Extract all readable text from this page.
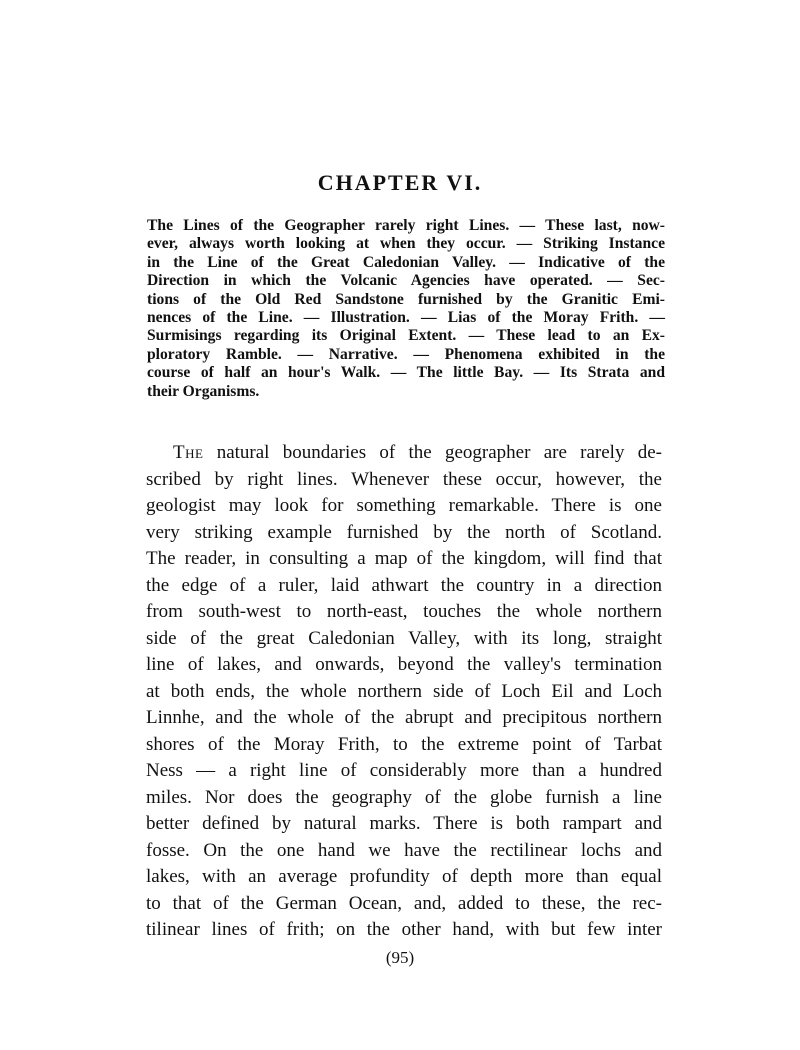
CHAPTER VI.
The Lines of the Geographer rarely right Lines. — These last, now-
ever, always worth looking at when they occur. — Striking Instance
in the Line of the Great Caledonian Valley. — Indicative of the
Direction in which the Volcanic Agencies have operated. — Sec-
tions of the Old Red Sandstone furnished by the Granitic Emi-
nences of the Line. — Illustration. — Lias of the Moray Frith. —
Surmisings regarding its Original Extent. — These lead to an Ex-
ploratory Ramble. — Narrative. — Phenomena exhibited in the
course of half an hour's Walk. — The little Bay. — Its Strata and
their Organisms.
The natural boundaries of the geographer are rarely de-
scribed by right lines. Whenever these occur, however, the
geologist may look for something remarkable. There is one
very striking example furnished by the north of Scotland.
The reader, in consulting a map of the kingdom, will find that
the edge of a ruler, laid athwart the country in a direction
from south-west to north-east, touches the whole northern
side of the great Caledonian Valley, with its long, straight
line of lakes, and onwards, beyond the valley's termination
at both ends, the whole northern side of Loch Eil and Loch
Linnhe, and the whole of the abrupt and precipitous northern
shores of the Moray Frith, to the extreme point of Tarbat
Ness — a right line of considerably more than a hundred
miles. Nor does the geography of the globe furnish a line
better defined by natural marks. There is both rampart and
fosse. On the one hand we have the rectilinear lochs and
lakes, with an average profundity of depth more than equal
to that of the German Ocean, and, added to these, the rec-
tilinear lines of frith; on the other hand, with but few inter

(95)
